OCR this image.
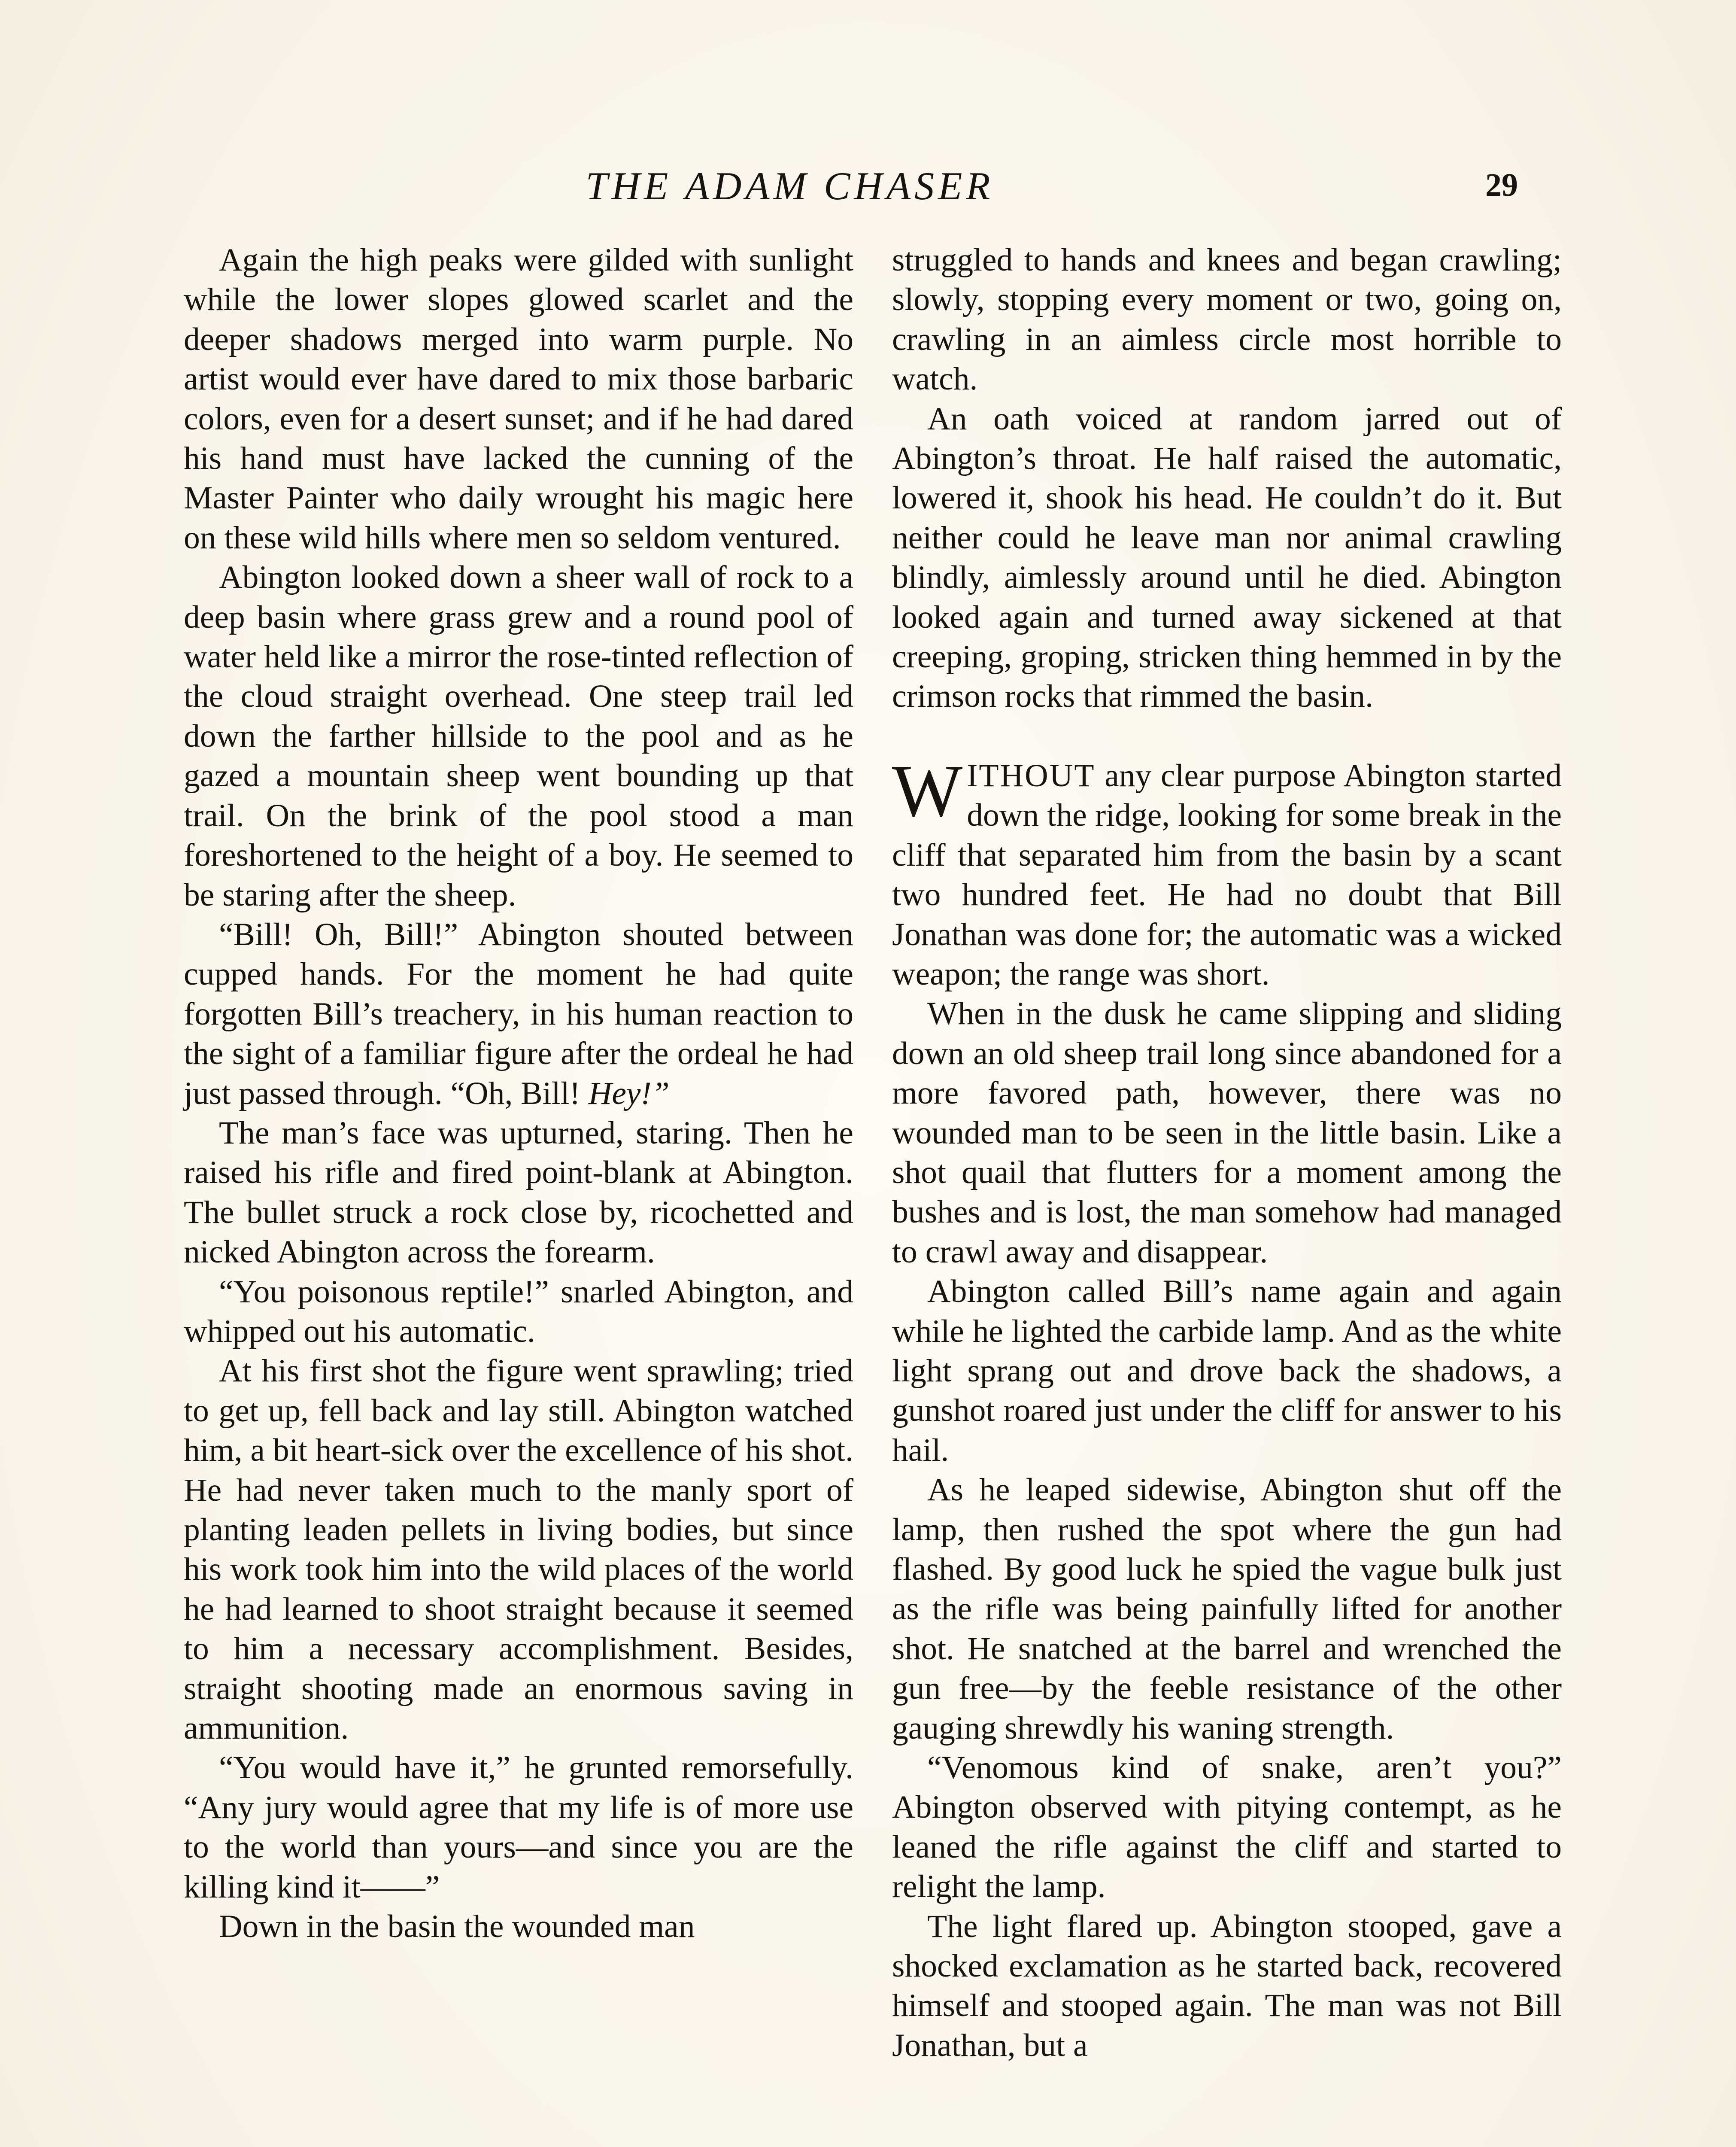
THE ADAM CHASER	29

Again the high peaks were gilded with sunlight while the lower slopes glowed scarlet and the deeper shadows merged into warm purple. No artist would ever have dared to mix those barbaric colors, even for a desert sunset; and if he had dared his hand must have lacked the cunning of the Master Painter who daily wrought his magic here on these wild hills where men so seldom ventured.

Abington looked down a sheer wall of rock to a deep basin where grass grew and a round pool of water held like a mirror the rose-tinted reflection of the cloud straight overhead. One steep trail led down the farther hillside to the pool and as he gazed a mountain sheep went bounding up that trail. On the brink of the pool stood a man foreshortened to the height of a boy. He seemed to be staring after the sheep.

“Bill! Oh, Bill!” Abington shouted between cupped hands. For the moment he had quite forgotten Bill’s treachery, in his human reaction to the sight of a familiar figure after the ordeal he had just passed through. “Oh, Bill! Hey!”

The man’s face was upturned, staring. Then he raised his rifle and fired point-blank at Abington. The bullet struck a rock close by, ricochetted and nicked Abington across the forearm.

“You poisonous reptile!” snarled Abington, and whipped out his automatic.

At his first shot the figure went sprawling; tried to get up, fell back and lay still. Abington watched him, a bit heart-sick over the excellence of his shot. He had never taken much to the manly sport of planting leaden pellets in living bodies, but since his work took him into the wild places of the world he had learned to shoot straight because it seemed to him a necessary accomplishment. Besides, straight shooting made an enormous saving in ammunition.

“You would have it,” he grunted remorsefully. “Any jury would agree that my life is of more use to the world than yours—and since you are the killing kind it——”

Down in the basin the wounded man

struggled to hands and knees and began crawling; slowly, stopping every moment or two, going on, crawling in an aimless circle most horrible to watch.

An oath voiced at random jarred out of Abington’s throat. He half raised the automatic, lowered it, shook his head. He couldn’t do it. But neither could he leave man nor animal crawling blindly, aimlessly around until he died. Abington looked again and turned away sickened at that creeping, groping, stricken thing hemmed in by the crimson rocks that rimmed the basin.

WITHOUT any clear purpose Abington started down the ridge, looking for some break in the cliff that separated him from the basin by a scant two hundred feet. He had no doubt that Bill Jonathan was done for; the automatic was a wicked weapon; the range was short.

When in the dusk he came slipping and sliding down an old sheep trail long since abandoned for a more favored path, however, there was no wounded man to be seen in the little basin. Like a shot quail that flutters for a moment among the bushes and is lost, the man somehow had managed to crawl away and disappear.

Abington called Bill’s name again and again while he lighted the carbide lamp. And as the white light sprang out and drove back the shadows, a gunshot roared just under the cliff for answer to his hail.

As he leaped sidewise, Abington shut off the lamp, then rushed the spot where the gun had flashed. By good luck he spied the vague bulk just as the rifle was being painfully lifted for another shot. He snatched at the barrel and wrenched the gun free—by the feeble resistance of the other gauging shrewdly his waning strength.

“Venomous kind of snake, aren’t you?” Abington observed with pitying contempt, as he leaned the rifle against the cliff and started to relight the lamp.

The light flared up. Abington stooped, gave a shocked exclamation as he started back, recovered himself and stooped again. The man was not Bill Jonathan, but a
